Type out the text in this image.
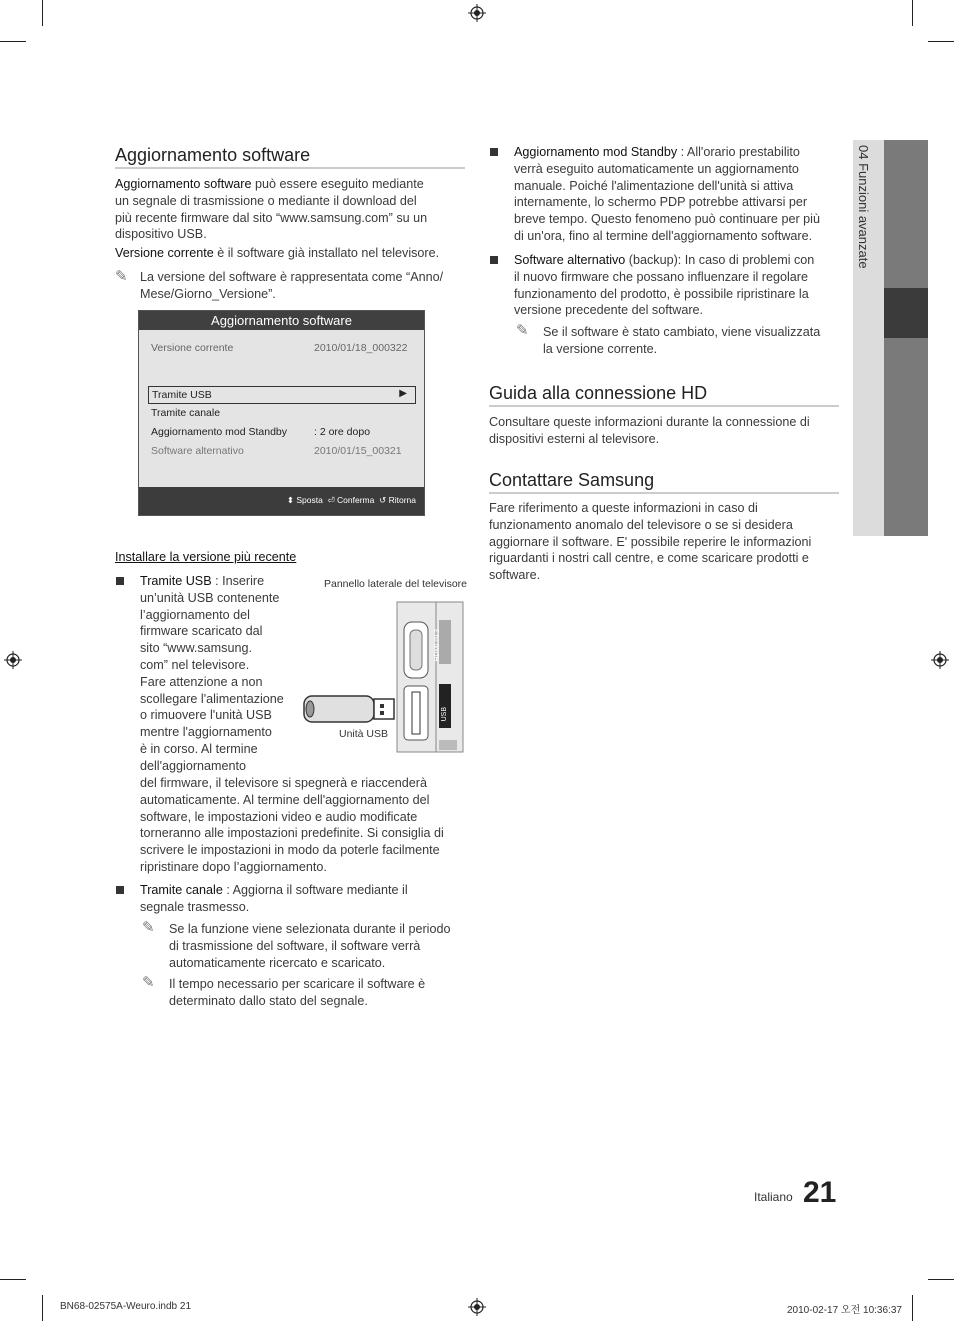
04 Funzioni avanzate
Aggiornamento software

Aggiornamento software può essere eseguito mediante
un segnale di trasmissione o mediante il download del
più recente firmware dal sito “www.samsung.com” su un
dispositivo USB.

Versione corrente è il software già installato nel televisore.

✎ La versione del software è rappresentata come “Anno/
Mese/Giorno_Versione”.

Aggiornamento software
Versione corrente	2010/01/18_000322
Tramite USB	▶
Tramite canale
Aggiornamento mod Standby	: 2 ore dopo
Software alternativo	2010/01/15_00321
⬍ Sposta ⏎ Conferma ↺ Ritorna
Installare la versione più recente

Tramite USB : Inserire
un’unità USB contenente
l’aggiornamento del
firmware scaricato dal
sito “www.samsung.
com” nel televisore.
Fare attenzione a non
scollegare l'alimentazione
o rimuovere l'unità USB
mentre l'aggiornamento
è in corso. Al termine
dell'aggiornamento

del firmware, il televisore si spegnerà e riaccenderà
automaticamente. Al termine dell'aggiornamento del
software, le impostazioni video e audio modificate
torneranno alle impostazioni predefinite. Si consiglia di
scrivere le impostazioni in modo da poterle facilmente
ripristinare dopo l’aggiornamento.

Pannello laterale del televisore
HDMI IN 3
USB
Unità USB

Tramite canale : Aggiorna il software mediante il
segnale trasmesso.

✎ Se la funzione viene selezionata durante il periodo
di trasmissione del software, il software verrà
automaticamente ricercato e scaricato.

✎ Il tempo necessario per scaricare il software è
determinato dallo stato del segnale.

Aggiornamento mod Standby : All'orario prestabilito
verrà eseguito automaticamente un aggiornamento
manuale. Poiché l'alimentazione dell'unità si attiva
internamente, lo schermo PDP potrebbe attivarsi per
breve tempo. Questo fenomeno può continuare per più
di un'ora, fino al termine dell'aggiornamento software.

Software alternativo (backup): In caso di problemi con
il nuovo firmware che possano influenzare il regolare
funzionamento del prodotto, è possibile ripristinare la
versione precedente del software.

✎ Se il software è stato cambiato, viene visualizzata
la versione corrente.

Guida alla connessione HD

Consultare queste informazioni durante la connessione di
dispositivi esterni al televisore.

Contattare Samsung

Fare riferimento a queste informazioni in caso di
funzionamento anomalo del televisore o se si desidera
aggiornare il software. E' possibile reperire le informazioni
riguardanti i nostri call centre, e come scaricare prodotti e
software.

Italiano 21
BN68-02575A-Weuro.indb 21	2010-02-17 오전 10:36:37
